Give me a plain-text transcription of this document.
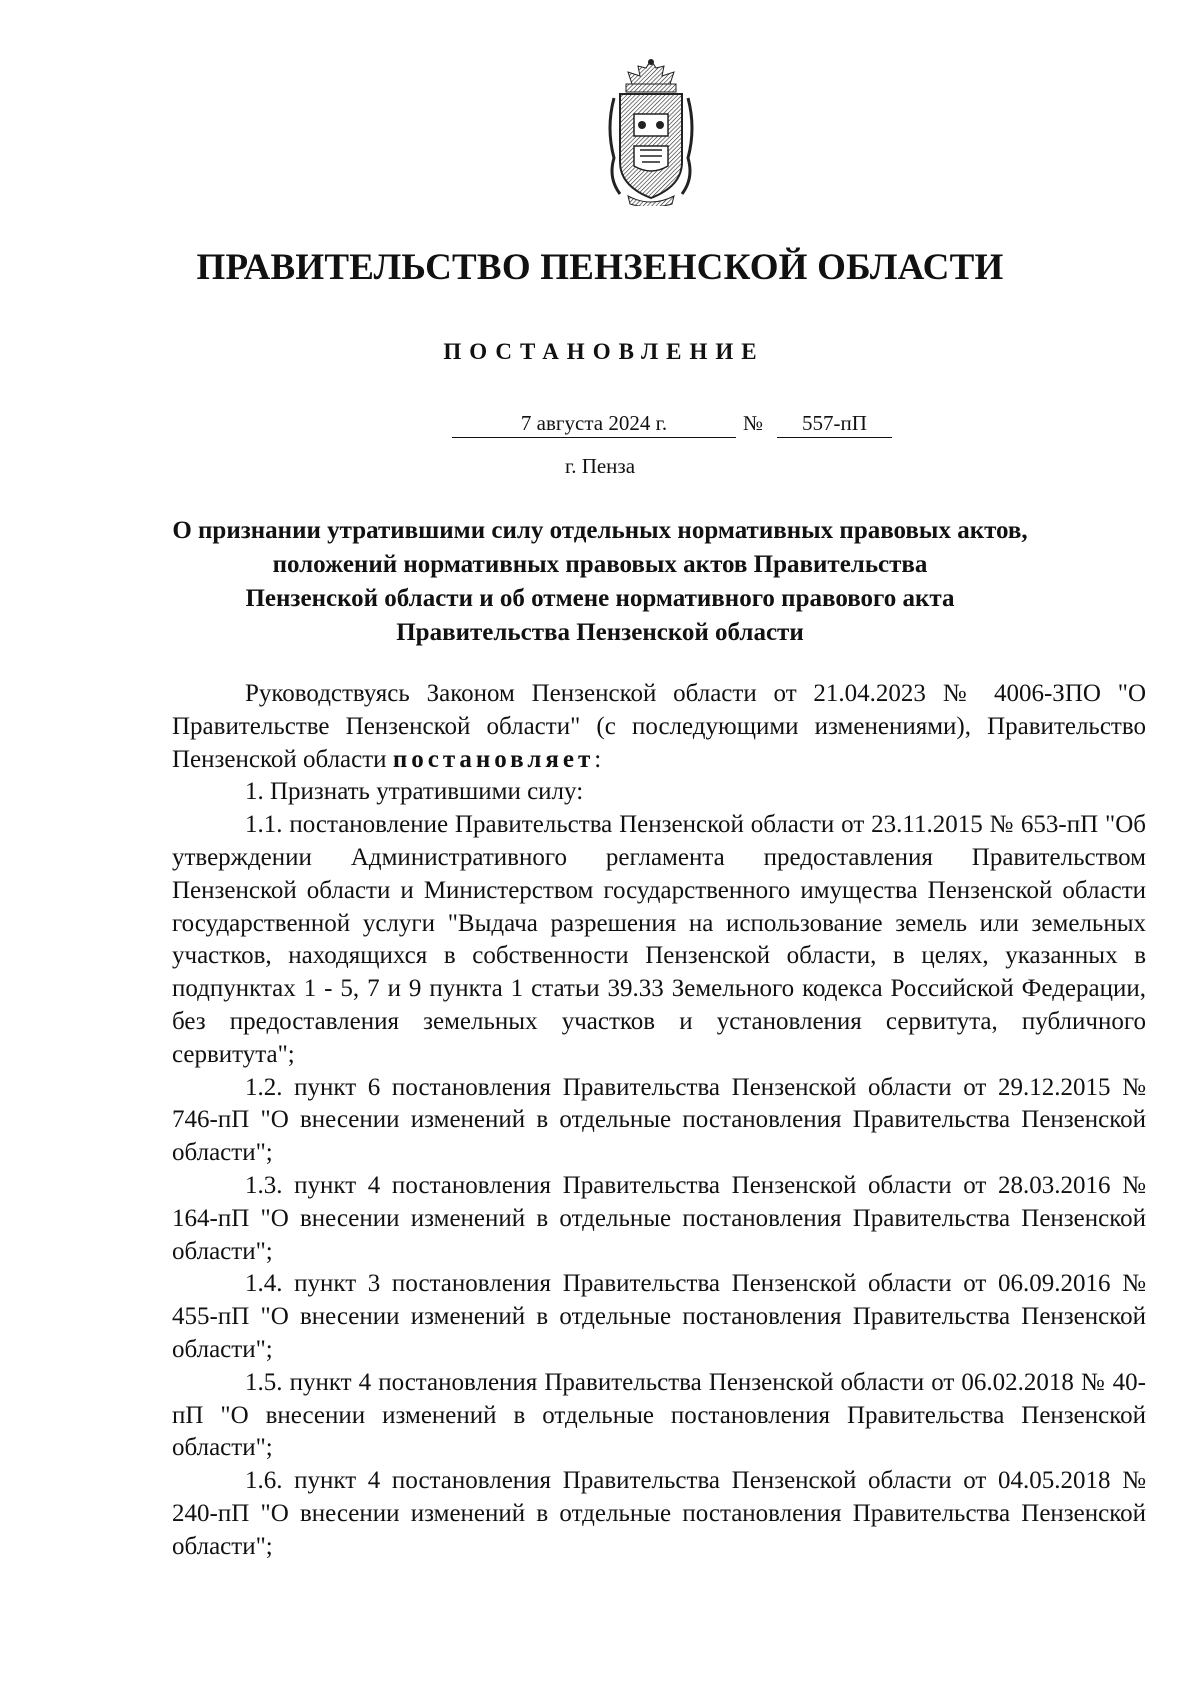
ПРАВИТЕЛЬСТВО ПЕНЗЕНСКОЙ ОБЛАСТИ
ПОСТАНОВЛЕНИЕ
7 августа 2024 г.	№	557-пП
г. Пенза
О признании утратившими силу отдельных нормативных правовых актов,
положений нормативных правовых актов Правительства
Пензенской области и об отмене нормативного правового акта
Правительства Пензенской области

Руководствуясь Законом Пензенской области от 21.04.2023 № 4006-ЗПО "О Правительстве Пензенской области" (с последующими изменениями), Правительство Пензенской области постановляет:

1. Признать утратившими силу:

1.1. постановление Правительства Пензенской области от 23.11.2015 № 653-пП "Об утверждении Административного регламента предоставления Правительством Пензенской области и Министерством государственного имущества Пензенской области государственной услуги "Выдача разрешения на использование земель или земельных участков, находящихся в собственности Пензенской области, в целях, указанных в подпунктах 1 - 5, 7 и 9 пункта 1 статьи 39.33 Земельного кодекса Российской Федерации, без предоставления земельных участков и установления сервитута, публичного сервитута";

1.2. пункт 6 постановления Правительства Пензенской области от 29.12.2015 № 746-пП "О внесении изменений в отдельные постановления Правительства Пензенской области";

1.3. пункт 4 постановления Правительства Пензенской области от 28.03.2016 № 164-пП "О внесении изменений в отдельные постановления Правительства Пензенской области";

1.4. пункт 3 постановления Правительства Пензенской области от 06.09.2016 № 455-пП "О внесении изменений в отдельные постановления Правительства Пензенской области";

1.5. пункт 4 постановления Правительства Пензенской области от 06.02.2018 № 40-пП "О внесении изменений в отдельные постановления Правительства Пензенской области";

1.6. пункт 4 постановления Правительства Пензенской области от 04.05.2018 № 240-пП "О внесении изменений в отдельные постановления Правительства Пензенской области";
